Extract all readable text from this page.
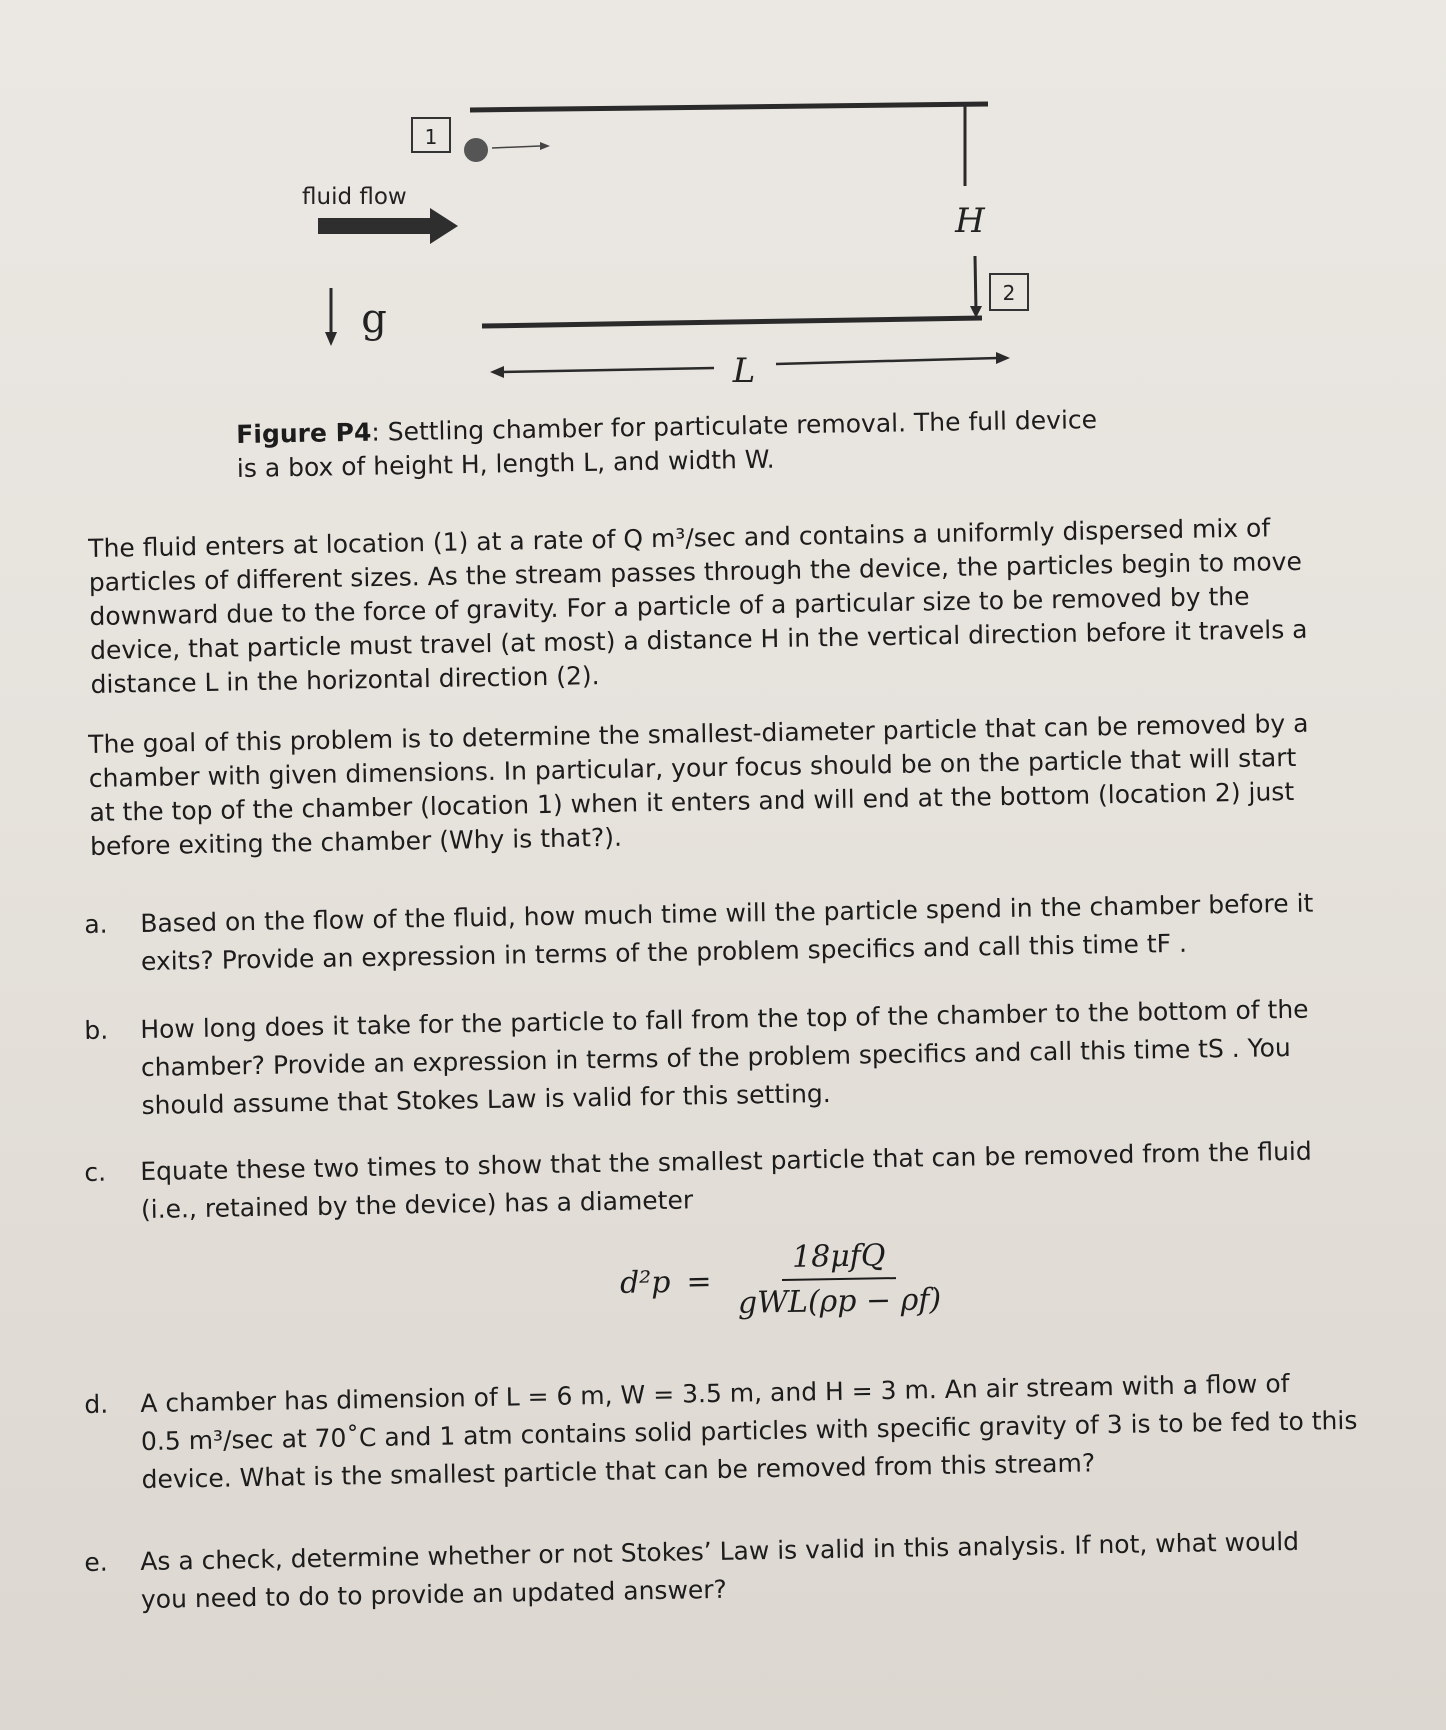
1
fluid flow
g
H
2
L
Figure P4: Settling chamber for particulate removal. The full device is a box of height H, length L, and width W.
The fluid enters at location (1) at a rate of Q m³/sec and contains a uniformly dispersed mix of particles of different sizes. As the stream passes through the device, the particles begin to move downward due to the force of gravity. For a particle of a particular size to be removed by the device, that particle must travel (at most) a distance H in the vertical direction before it travels a distance L in the horizontal direction (2).
The goal of this problem is to determine the smallest-diameter particle that can be removed by a chamber with given dimensions. In particular, your focus should be on the particle that will start at the top of the chamber (location 1) when it enters and will end at the bottom (location 2) just before exiting the chamber (Why is that?).
a. Based on the flow of the fluid, how much time will the particle spend in the chamber before it
exits? Provide an expression in terms of the problem specifics and call this time tF .
b. How long does it take for the particle to fall from the top of the chamber to the bottom of the
chamber? Provide an expression in terms of the problem specifics and call this time tS . You
should assume that Stokes Law is valid for this setting.
c. Equate these two times to show that the smallest particle that can be removed from the fluid
(i.e., retained by the device) has a diameter
$d^2p = \frac{\text{18μfQ}}{\text{gWL(ρp − ρf)}}$
d. A chamber has dimension of L = 6 m, W = 3.5 m, and H = 3 m. An air stream with a flow of
0.5 m³/sec at 70˚C and 1 atm contains solid particles with specific gravity of 3 is to be fed to this
device. What is the smallest particle that can be removed from this stream?
e. As a check, determine whether or not Stokes’ Law is valid in this analysis. If not, what would
you need to do to provide an updated answer?
